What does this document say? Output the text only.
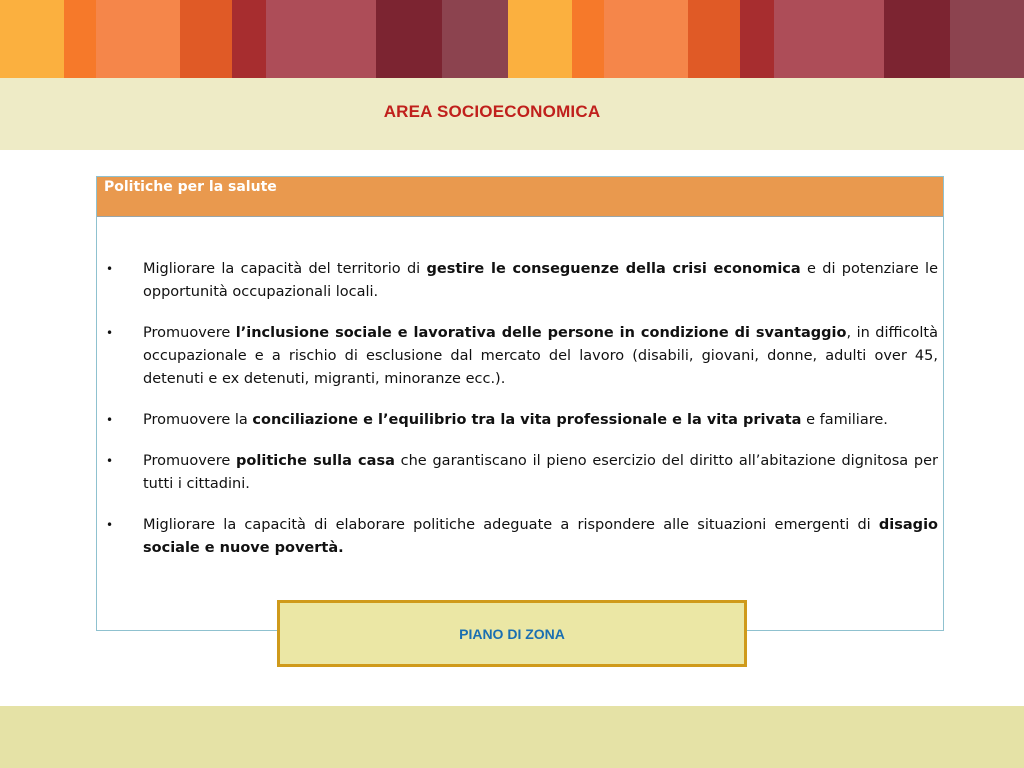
AREA SOCIOECONOMICA
Politiche per la salute
• Migliorare la capacità del territorio di gestire le conseguenze della crisi economica e di potenziare le opportunità occupazionali locali.
• Promuovere l’inclusione sociale e lavorativa delle persone in condizione di svantaggio, in difficoltà occupazionale e a rischio di esclusione dal mercato del lavoro (disabili, giovani, donne, adulti over 45, detenuti e ex detenuti, migranti, minoranze ecc.).
• Promuovere la conciliazione e l’equilibrio tra la vita professionale e la vita privata e familiare.
• Promuovere politiche sulla casa che garantiscano il pieno esercizio del diritto all’abitazione dignitosa per tutti i cittadini.
• Migliorare la capacità di elaborare politiche adeguate a rispondere alle situazioni emergenti di disagio sociale e nuove povertà.
PIANO DI ZONA
